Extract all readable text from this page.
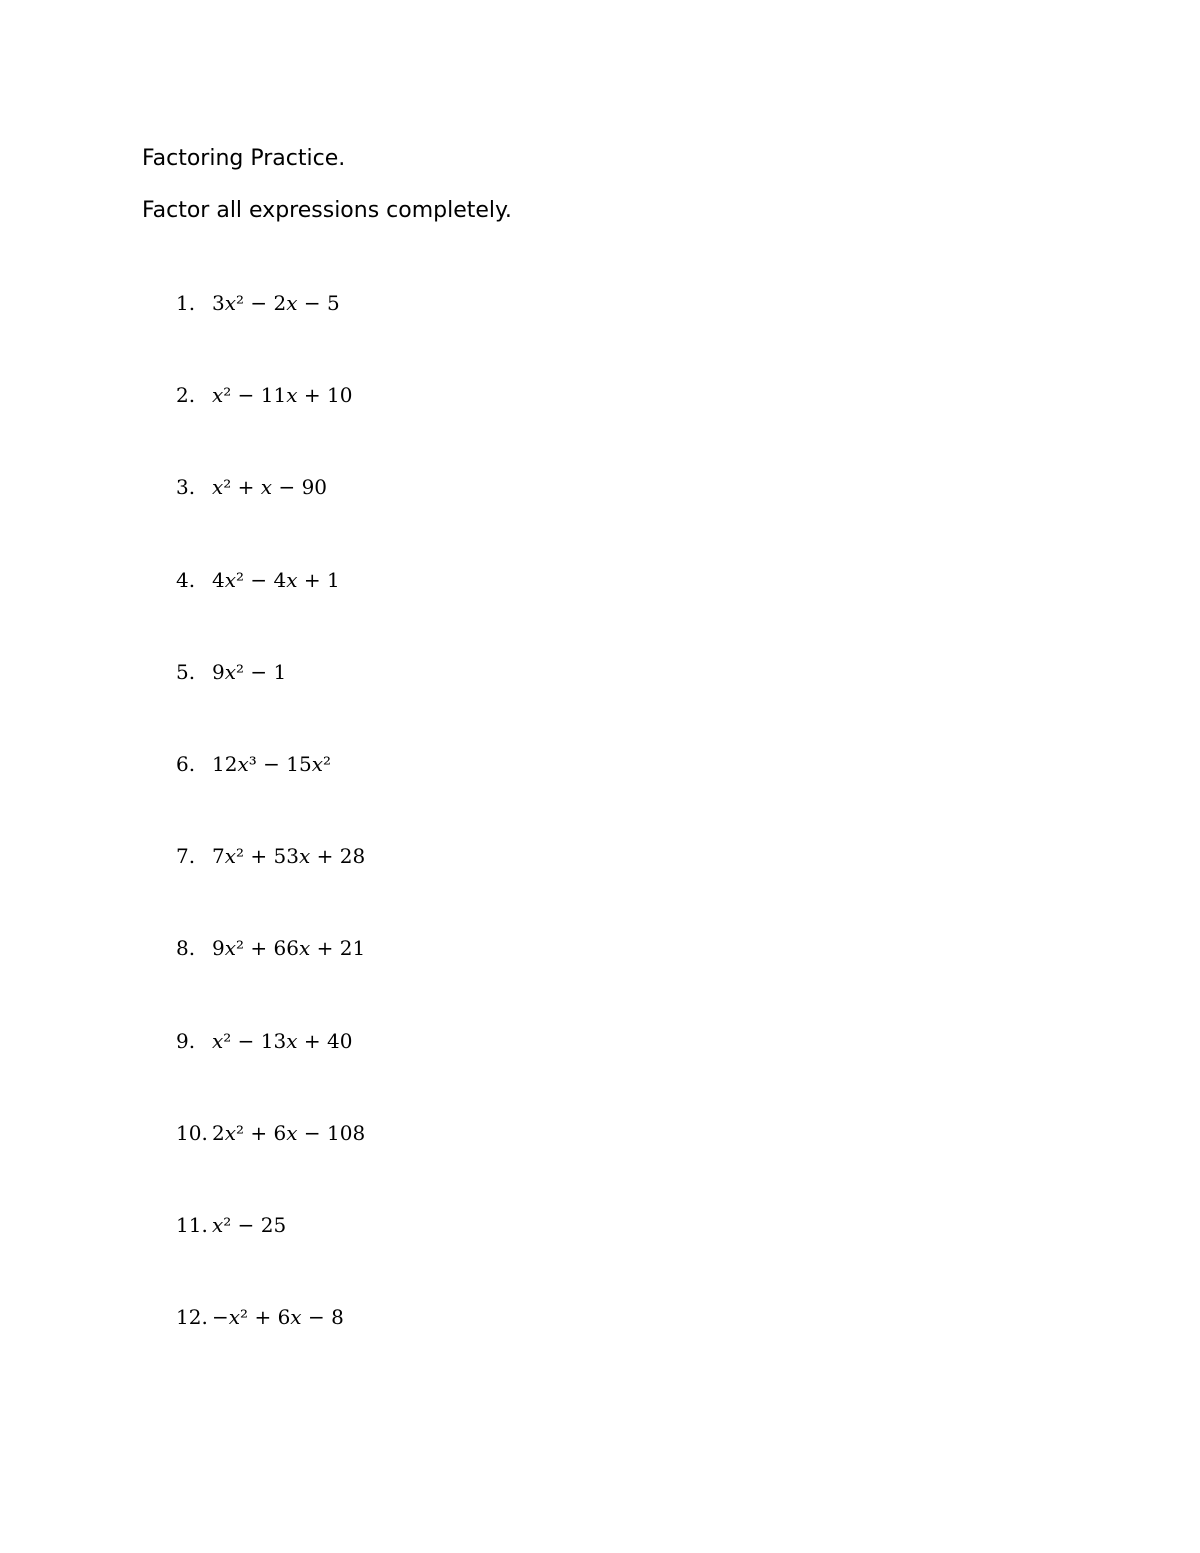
Factoring Practice.
Factor all expressions completely.
1. 3x² − 2x − 5
2. x² − 11x + 10
3. x² + x − 90
4. 4x² − 4x + 1
5. 9x² − 1
6. 12x³ − 15x²
7. 7x² + 53x + 28
8. 9x² + 66x + 21
9. x² − 13x + 40
10. 2x² + 6x − 108
11. x² − 25
12. −x² + 6x − 8
